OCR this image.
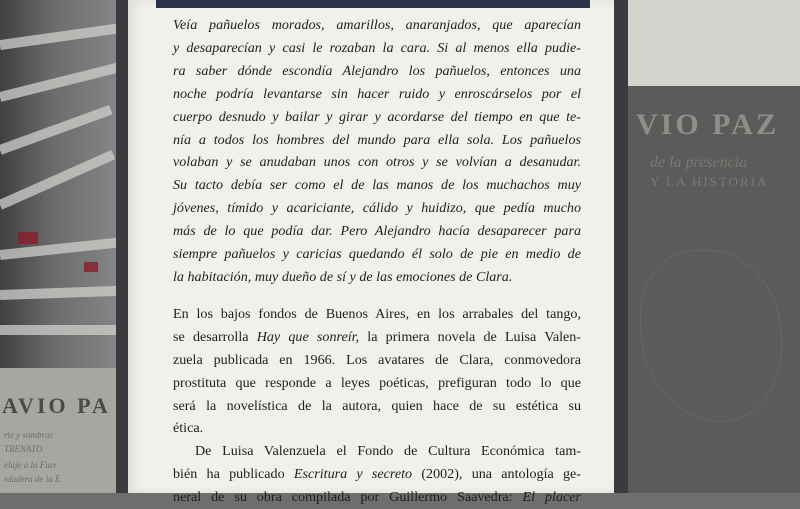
AVIO PA
rte y sombras
TRENATO
elaje a la Fuer
rdadera de la E
VIO PAZ
de la presencia
Y LA HISTORIA

Veía pañuelos morados, amarillos, anaranjados, que aparecían
y desaparecían y casi le rozaban la cara. Si al menos ella pudie-
ra saber dónde escondía Alejandro los pañuelos, entonces una
noche podría levantarse sin hacer ruido y enroscárselos por el
cuerpo desnudo y bailar y girar y acordarse del tiempo en que te-
nía a todos los hombres del mundo para ella sola. Los pañuelos
volaban y se anudaban unos con otros y se volvían a desanudar.
Su tacto debía ser como el de las manos de los muchachos muy
jóvenes, tímido y acariciante, cálido y huidizo, que pedía mucho
más de lo que podía dar. Pero Alejandro hacía desaparecer para
siempre pañuelos y caricias quedando él solo de pie en medio de
la habitación, muy dueño de sí y de las emociones de Clara.

En los bajos fondos de Buenos Aires, en los arrabales del tango,
se desarrolla Hay que sonreír, la primera novela de Luisa Valen-
zuela publicada en 1966. Los avatares de Clara, conmovedora
prostituta que responde a leyes poéticas, prefiguran todo lo que
será la novelística de la autora, quien hace de su estética su
ética.

De Luisa Valenzuela el Fondo de Cultura Económica tam-
bién ha publicado Escritura y secreto (2002), una antología ge-
neral de su obra compilada por Guillermo Saavedra: El placer
